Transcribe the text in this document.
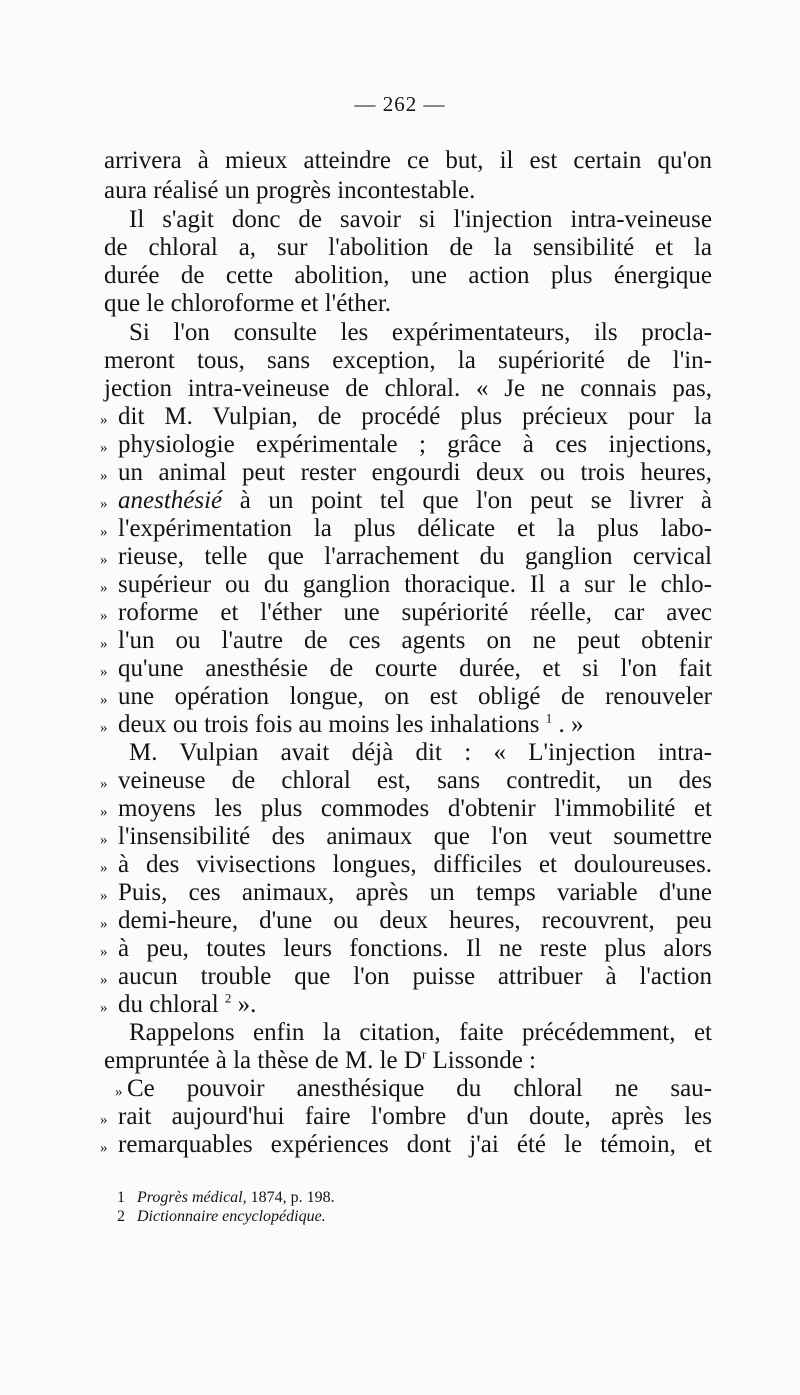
— 262 —
arrivera à mieux atteindre ce but, il est certain qu'on
aura réalisé un progrès incontestable.
Il s'agit donc de savoir si l'injection intra-veineuse
de chloral a, sur l'abolition de la sensibilité et la
durée de cette abolition, une action plus énergique
que le chloroforme et l'éther.
Si l'on consulte les expérimentateurs, ils procla-
meront tous, sans exception, la supériorité de l'in-
jection intra-veineuse de chloral. « Je ne connais pas,
» dit M. Vulpian, de procédé plus précieux pour la
» physiologie expérimentale ; grâce à ces injections,
» un animal peut rester engourdi deux ou trois heures,
» anesthésié à un point tel que l'on peut se livrer à
» l'expérimentation la plus délicate et la plus labo-
» rieuse, telle que l'arrachement du ganglion cervical
» supérieur ou du ganglion thoracique. Il a sur le chlo-
» roforme et l'éther une supériorité réelle, car avec
» l'un ou l'autre de ces agents on ne peut obtenir
» qu'une anesthésie de courte durée, et si l'on fait
» une opération longue, on est obligé de renouveler
» deux ou trois fois au moins les inhalations $^1$ . »
M. Vulpian avait déjà dit : « L'injection intra-
» veineuse de chloral est, sans contredit, un des
» moyens les plus commodes d'obtenir l'immobilité et
» l'insensibilité des animaux que l'on veut soumettre
» à des vivisections longues, difficiles et douloureuses.
» Puis, ces animaux, après un temps variable d'une
» demi-heure, d'une ou deux heures, recouvrent, peu
» à peu, toutes leurs fonctions. Il ne reste plus alors
» aucun trouble que l'on puisse attribuer à l'action
» du chloral $^2$ ».
Rappelons enfin la citation, faite précédemment, et
empruntée à la thèse de M. le $D^r$ Lissonde :
» Ce pouvoir anesthésique du chloral ne sau-
» rait aujourd'hui faire l'ombre d'un doute, après les
» remarquables expériences dont j'ai été le témoin, et
1 Progrès médical, 1874, p. 198.
2 Dictionnaire encyclopédique.
